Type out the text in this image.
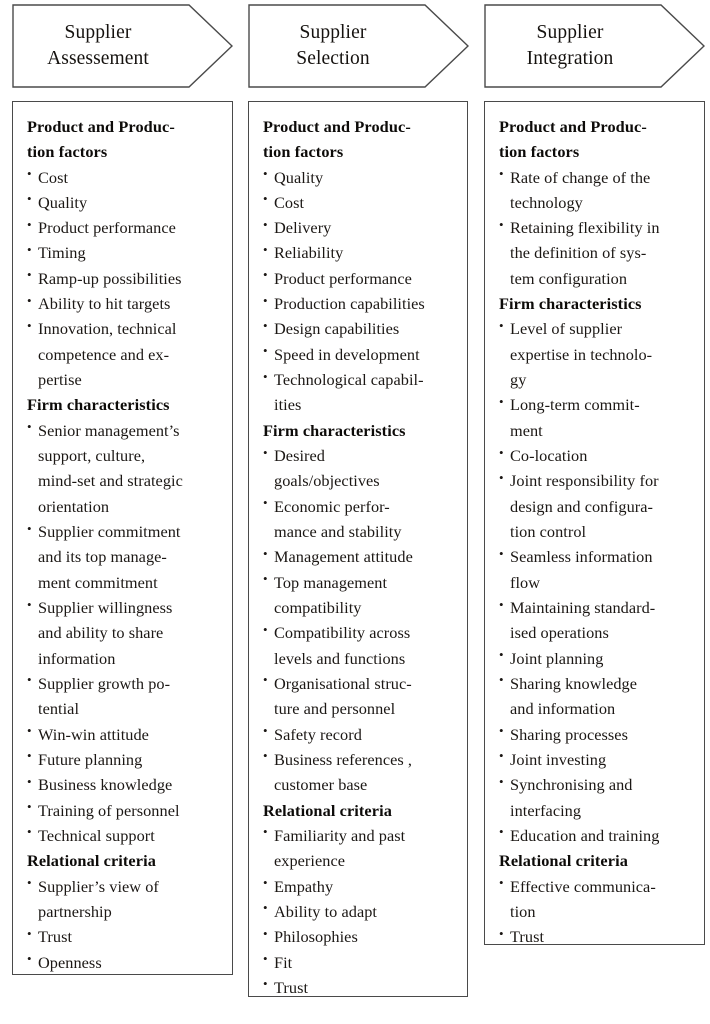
Supplier
Assessement
Product and Produc-
tion factors
• Cost
• Quality
• Product performance
• Timing
• Ramp-up possibilities
• Ability to hit targets
• Innovation, technical
competence and ex-
pertise
Firm characteristics
• Senior management’s
support, culture,
mind-set and strategic
orientation
• Supplier commitment
and its top manage-
ment commitment
• Supplier willingness
and ability to share
information
• Supplier growth po-
tential
• Win-win attitude
• Future planning
• Business knowledge
• Training of personnel
• Technical support
Relational criteria
• Supplier’s view of
partnership
• Trust
• Openness
Supplier
Selection
Product and Produc-
tion factors
• Quality
• Cost
• Delivery
• Reliability
• Product performance
• Production capabilities
• Design capabilities
• Speed in development
• Technological capabil-
ities
Firm characteristics
• Desired
goals/objectives
• Economic perfor-
mance and stability
• Management attitude
• Top management
compatibility
• Compatibility across
levels and functions
• Organisational struc-
ture and personnel
• Safety record
• Business references ,
customer base
Relational criteria
• Familiarity and past
experience
• Empathy
• Ability to adapt
• Philosophies
• Fit
• Trust
Supplier
Integration
Product and Produc-
tion factors
• Rate of change of the
technology
• Retaining flexibility in
the definition of sys-
tem configuration
Firm characteristics
• Level of supplier
expertise in technolo-
gy
• Long-term commit-
ment
• Co-location
• Joint responsibility for
design and configura-
tion control
• Seamless information
flow
• Maintaining standard-
ised operations
• Joint planning
• Sharing knowledge
and information
• Sharing processes
• Joint investing
• Synchronising and
interfacing
• Education and training
Relational criteria
• Effective communica-
tion
• Trust
